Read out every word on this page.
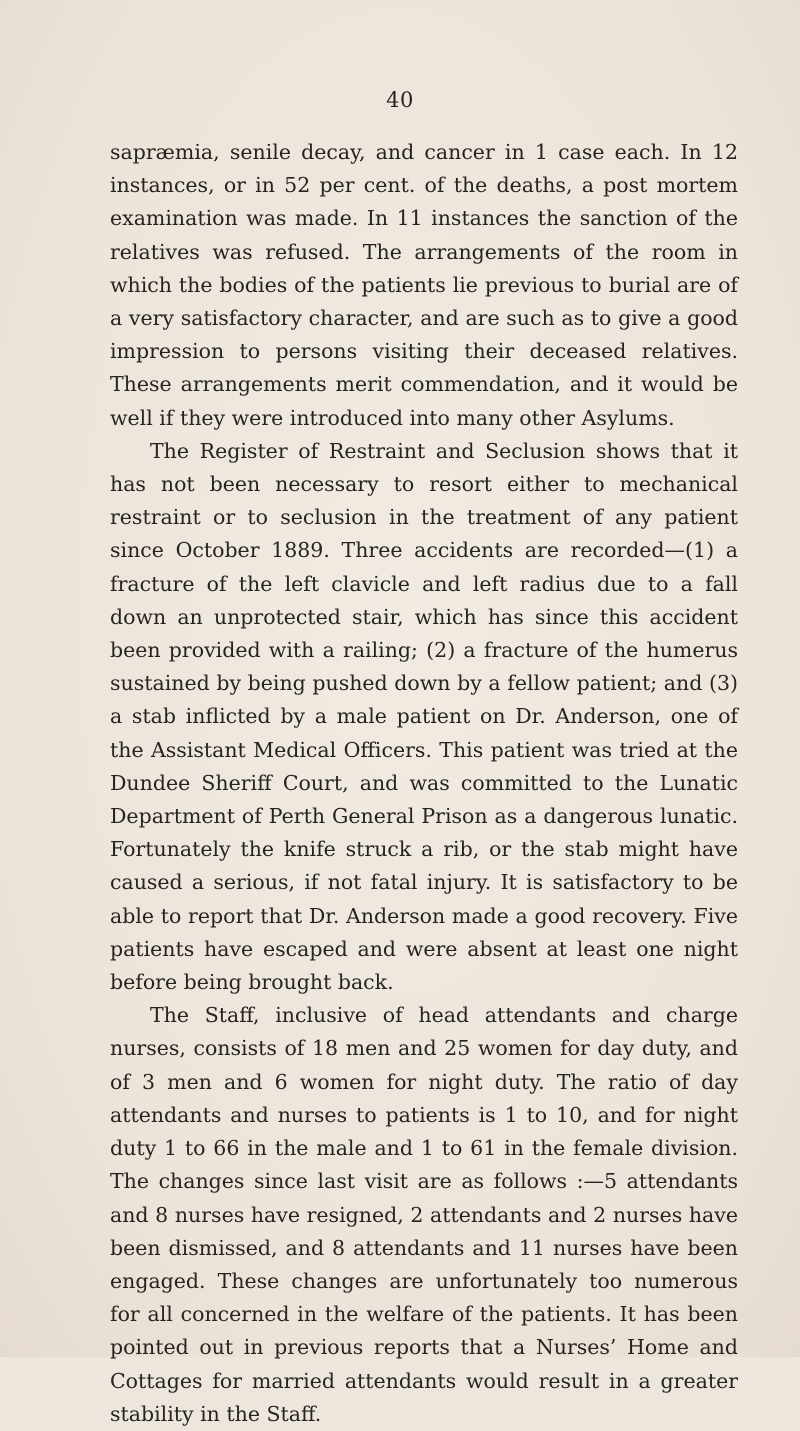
40

sapræmia, senile decay, and cancer in 1 case each. In 12 instances, or in 52 per cent. of the deaths, a post mortem examination was made. In 11 instances the sanction of the relatives was refused. The arrangements of the room in which the bodies of the patients lie previous to burial are of a very satisfactory character, and are such as to give a good impression to persons visiting their deceased relatives. These arrangements merit commendation, and it would be well if they were introduced into many other Asylums.

The Register of Restraint and Seclusion shows that it has not been necessary to resort either to mechanical restraint or to seclusion in the treatment of any patient since October 1889. Three accidents are recorded—(1) a fracture of the left clavicle and left radius due to a fall down an unprotected stair, which has since this accident been provided with a railing; (2) a fracture of the humerus sustained by being pushed down by a fellow patient; and (3) a stab inflicted by a male patient on Dr. Anderson, one of the Assistant Medical Officers. This patient was tried at the Dundee Sheriff Court, and was committed to the Lunatic Department of Perth General Prison as a dangerous lunatic. Fortunately the knife struck a rib, or the stab might have caused a serious, if not fatal injury. It is satisfactory to be able to report that Dr. Anderson made a good recovery. Five patients have escaped and were absent at least one night before being brought back.

The Staff, inclusive of head attendants and charge nurses, consists of 18 men and 25 women for day duty, and of 3 men and 6 women for night duty. The ratio of day attendants and nurses to patients is 1 to 10, and for night duty 1 to 66 in the male and 1 to 61 in the female division. The changes since last visit are as follows :—5 attendants and 8 nurses have resigned, 2 attendants and 2 nurses have been dismissed, and 8 attendants and 11 nurses have been engaged. These changes are unfortunately too numerous for all concerned in the welfare of the patients. It has been pointed out in previous reports that a Nurses’ Home and Cottages for married attendants would result in a greater stability in the Staff.
